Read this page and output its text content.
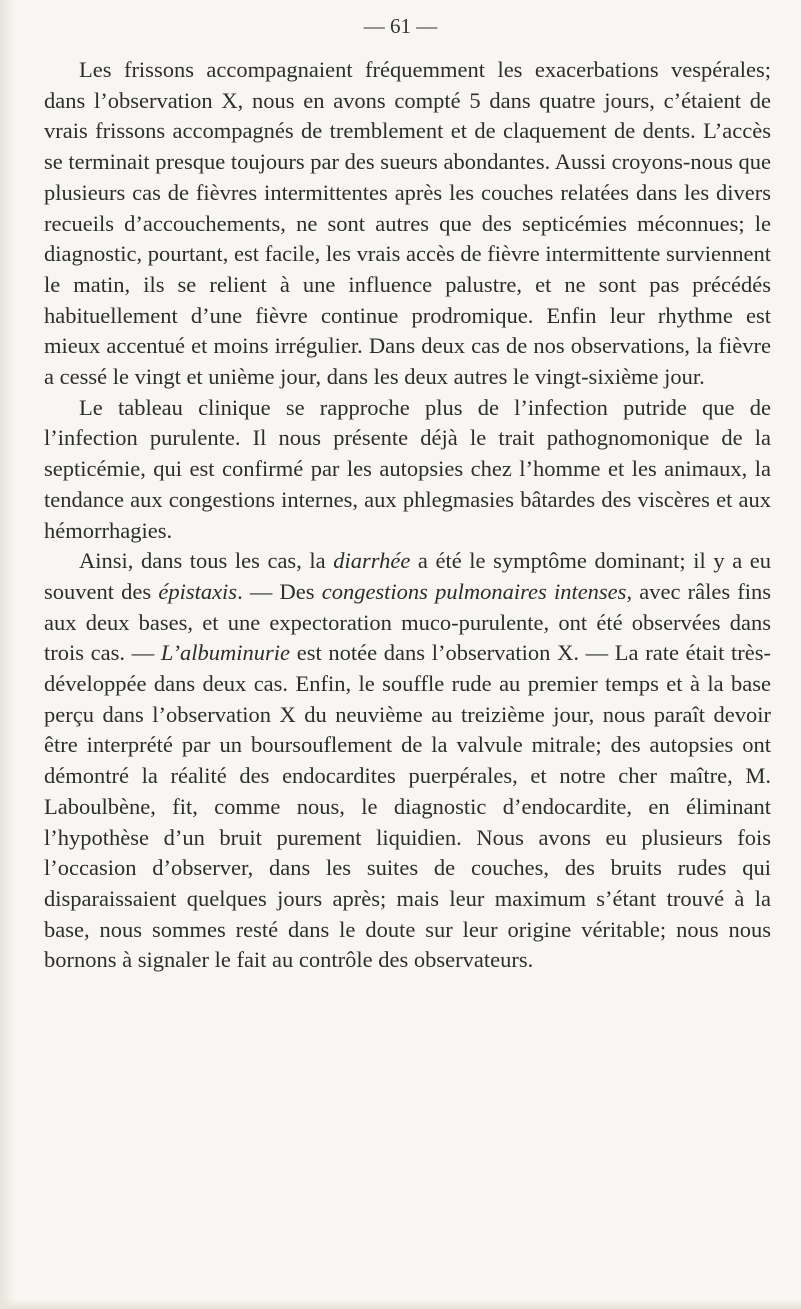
— 61 —

Les frissons accompagnaient fréquemment les exacerbations vespérales; dans l’observation X, nous en avons compté 5 dans quatre jours, c’étaient de vrais frissons accompagnés de tremblement et de claquement de dents. L’accès se terminait presque toujours par des sueurs abondantes. Aussi croyons-nous que plusieurs cas de fièvres intermittentes après les couches relatées dans les divers recueils d’accouchements, ne sont autres que des septicémies méconnues; le diagnostic, pourtant, est facile, les vrais accès de fièvre intermittente surviennent le matin, ils se relient à une influence palustre, et ne sont pas précédés habituellement d’une fièvre continue prodromique. Enfin leur rhythme est mieux accentué et moins irrégulier. Dans deux cas de nos observations, la fièvre a cessé le vingt et unième jour, dans les deux autres le vingt-sixième jour.

Le tableau clinique se rapproche plus de l’infection putride que de l’infection purulente. Il nous présente déjà le trait pathognomonique de la septicémie, qui est confirmé par les autopsies chez l’homme et les animaux, la tendance aux congestions internes, aux phlegmasies bâtardes des viscères et aux hémorrhagies.

Ainsi, dans tous les cas, la diarrhée a été le symptôme dominant; il y a eu souvent des épistaxis. — Des congestions pulmonaires intenses, avec râles fins aux deux bases, et une expectoration muco-purulente, ont été observées dans trois cas. — L’albuminurie est notée dans l’observation X. — La rate était très-développée dans deux cas. Enfin, le souffle rude au premier temps et à la base perçu dans l’observation X du neuvième au treizième jour, nous paraît devoir être interprété par un boursouflement de la valvule mitrale; des autopsies ont démontré la réalité des endocardites puerpérales, et notre cher maître, M. Laboulbène, fit, comme nous, le diagnostic d’endocardite, en éliminant l’hypothèse d’un bruit purement liquidien. Nous avons eu plusieurs fois l’occasion d’observer, dans les suites de couches, des bruits rudes qui disparaissaient quelques jours après; mais leur maximum s’étant trouvé à la base, nous sommes resté dans le doute sur leur origine véritable; nous nous bornons à signaler le fait au contrôle des observateurs.
